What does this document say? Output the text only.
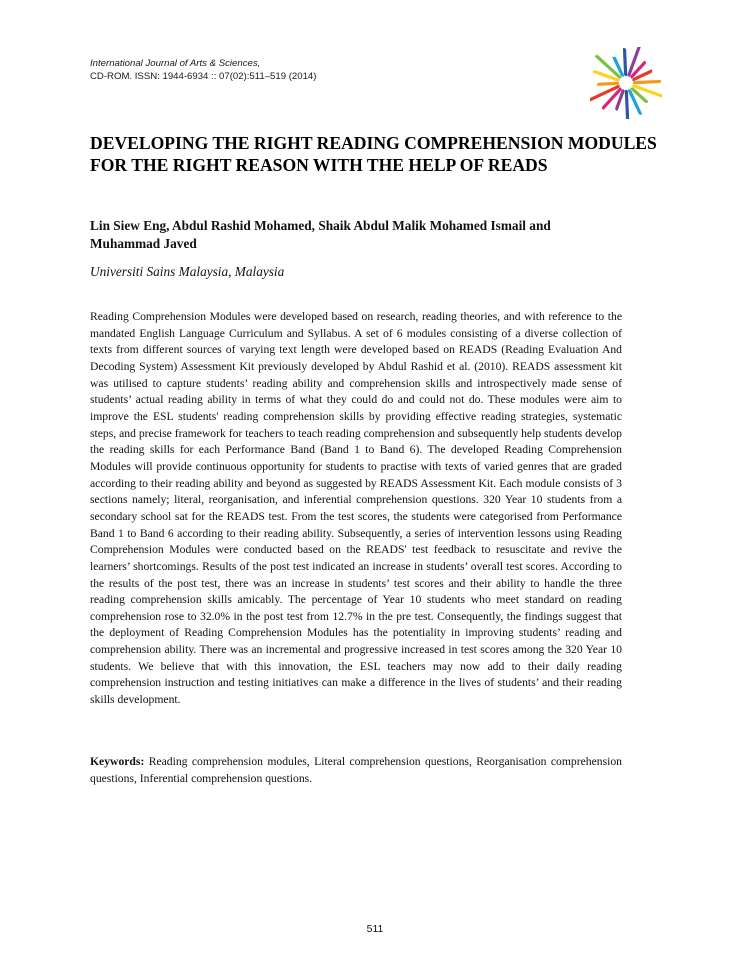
International Journal of Arts & Sciences,
CD-ROM. ISSN: 1944-6934 :: 07(02):511–519 (2014)
DEVELOPING THE RIGHT READING COMPREHENSION MODULES
FOR THE RIGHT REASON WITH THE HELP OF READS

Lin Siew Eng, Abdul Rashid Mohamed, Shaik Abdul Malik Mohamed Ismail and
Muhammad Javed

Universiti Sains Malaysia, Malaysia

Reading Comprehension Modules were developed based on research, reading theories, and with reference to the mandated English Language Curriculum and Syllabus. A set of 6 modules consisting of a diverse collection of texts from different sources of varying text length were developed based on READS (Reading Evaluation And Decoding System) Assessment Kit previously developed by Abdul Rashid et al. (2010). READS assessment kit was utilised to capture students’ reading ability and comprehension skills and introspectively made sense of students’ actual reading ability in terms of what they could do and could not do. These modules were aim to improve the ESL students' reading comprehension skills by providing effective reading strategies, systematic steps, and precise framework for teachers to teach reading comprehension and subsequently help students develop the reading skills for each Performance Band (Band 1 to Band 6). The developed Reading Comprehension Modules will provide continuous opportunity for students to practise with texts of varied genres that are graded according to their reading ability and beyond as suggested by READS Assessment Kit. Each module consists of 3 sections namely; literal, reorganisation, and inferential comprehension questions. 320 Year 10 students from a secondary school sat for the READS test. From the test scores, the students were categorised from Performance Band 1 to Band 6 according to their reading ability. Subsequently, a series of intervention lessons using Reading Comprehension Modules were conducted based on the READS' test feedback to resuscitate and revive the learners’ shortcomings. Results of the post test indicated an increase in students’ overall test scores. According to the results of the post test, there was an increase in students’ test scores and their ability to handle the three reading comprehension skills amicably. The percentage of Year 10 students who meet standard on reading comprehension rose to 32.0% in the post test from 12.7% in the pre test. Consequently, the findings suggest that the deployment of Reading Comprehension Modules has the potentiality in improving students’ reading and comprehension ability. There was an incremental and progressive increased in test scores among the 320 Year 10 students. We believe that with this innovation, the ESL teachers may now add to their daily reading comprehension instruction and testing initiatives can make a difference in the lives of students’ and their reading skills development.

Keywords: Reading comprehension modules, Literal comprehension questions, Reorganisation comprehension questions, Inferential comprehension questions.

511
